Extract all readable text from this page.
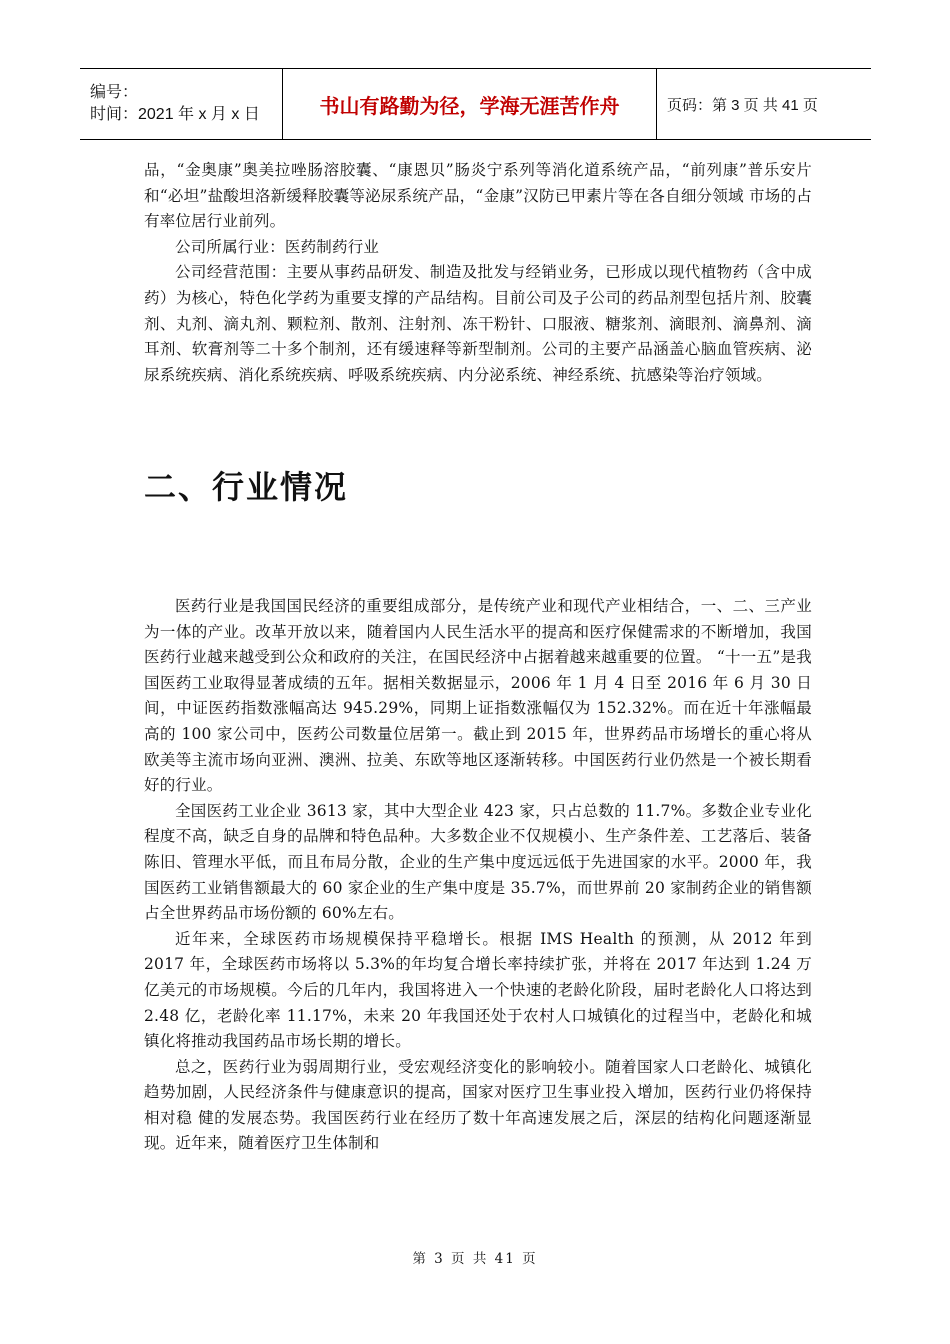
编号：
时间：2021 年 x 月 x 日	书山有路勤为径，学海无涯苦作舟	页码：第 3 页 共 41 页

品，“金奥康”奥美拉唑肠溶胶囊、“康恩贝”肠炎宁系列等消化道系统产品，“前列康”普乐安片和“必坦”盐酸坦洛新缓释胶囊等泌尿系统产品，“金康”汉防已甲素片等在各自细分领域 市场的占有率位居行业前列。

公司所属行业：医药制药行业

公司经营范围：主要从事药品研发、制造及批发与经销业务，已形成以现代植物药（含中成药）为核心，特色化学药为重要支撑的产品结构。目前公司及子公司的药品剂型包括片剂、胶囊剂、丸剂、滴丸剂、颗粒剂、散剂、注射剂、冻干粉针、口服液、糖浆剂、滴眼剂、滴鼻剂、滴耳剂、软膏剂等二十多个制剂，还有缓速释等新型制剂。公司的主要产品涵盖心脑血管疾病、泌尿系统疾病、消化系统疾病、呼吸系统疾病、内分泌系统、神经系统、抗感染等治疗领域。

二、行业情况

医药行业是我国国民经济的重要组成部分，是传统产业和现代产业相结合，一、二、三产业为一体的产业。改革开放以来，随着国内人民生活水平的提高和医疗保健需求的不断增加，我国医药行业越来越受到公众和政府的关注，在国民经济中占据着越来越重要的位置。 “十一五”是我国医药工业取得显著成绩的五年。据相关数据显示，2006 年 1 月 4 日至 2016 年 6 月 30 日间，中证医药指数涨幅高达 945.29%，同期上证指数涨幅仅为 152.32%。而在近十年涨幅最高的 100 家公司中，医药公司数量位居第一。截止到 2015 年，世界药品市场增长的重心将从欧美等主流市场向亚洲、澳洲、拉美、东欧等地区逐渐转移。中国医药行业仍然是一个被长期看好的行业。

全国医药工业企业 3613 家，其中大型企业 423 家，只占总数的 11.7%。多数企业专业化程度不高，缺乏自身的品牌和特色品种。大多数企业不仅规模小、生产条件差、工艺落后、装备陈旧、管理水平低，而且布局分散，企业的生产集中度远远低于先进国家的水平。2000 年，我国医药工业销售额最大的 60 家企业的生产集中度是 35.7%，而世界前 20 家制药企业的销售额占全世界药品市场份额的 60%左右。

近年来，全球医药市场规模保持平稳增长。根据 IMS Health 的预测，从 2012 年到 2017 年，全球医药市场将以 5.3%的年均复合增长率持续扩张，并将在 2017 年达到 1.24 万亿美元的市场规模。今后的几年内，我国将进入一个快速的老龄化阶段，届时老龄化人口将达到 2.48 亿，老龄化率 11.17%，未来 20 年我国还处于农村人口城镇化的过程当中，老龄化和城镇化将推动我国药品市场长期的增长。

总之，医药行业为弱周期行业，受宏观经济变化的影响较小。随着国家人口老龄化、城镇化趋势加剧，人民经济条件与健康意识的提高，国家对医疗卫生事业投入增加，医药行业仍将保持相对稳 健的发展态势。我国医药行业在经历了数十年高速发展之后，深层的结构化问题逐渐显现。近年来，随着医疗卫生体制和

第 3 页 共 41 页
